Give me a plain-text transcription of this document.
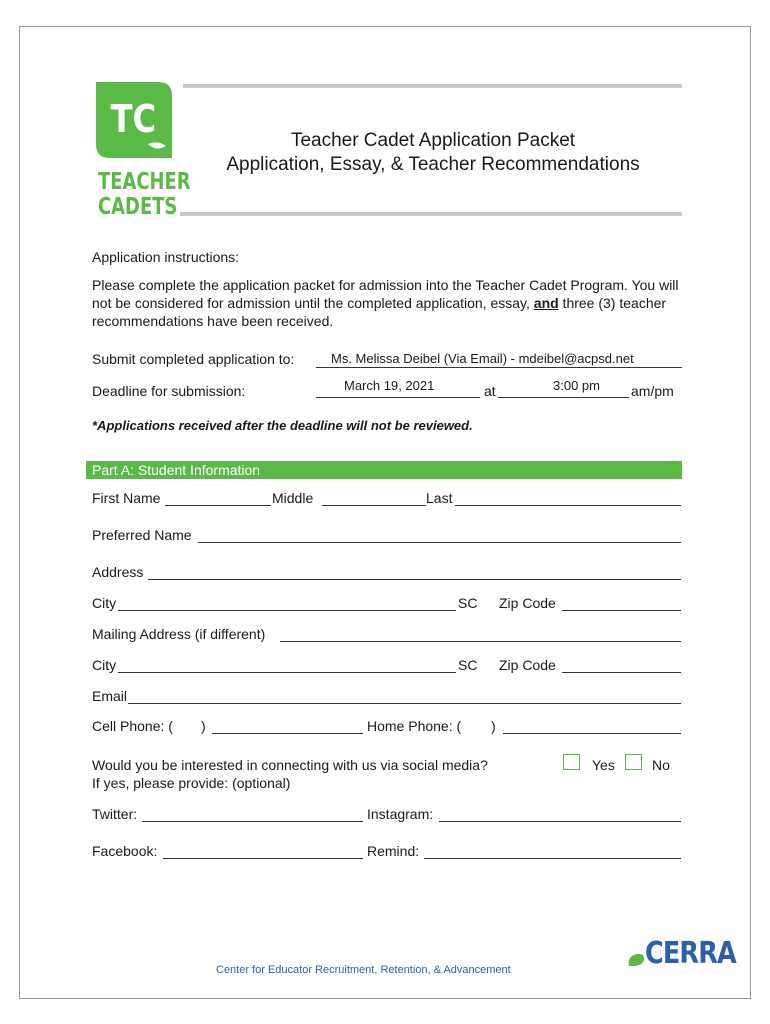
TC
TEACHER
CADETS
Teacher Cadet Application Packet
Application, Essay, & Teacher Recommendations
Application instructions:
Please complete the application packet for admission into the Teacher Cadet Program. You will not be considered for admission until the completed application, essay, and three (3) teacher recommendations have been received.
Submit completed application to:	Ms. Melissa Deibel (Via Email) - mdeibel@acpsd.net
Deadline for submission:	March 19, 2021	at	3:00 pm am/pm
*Applications received after the deadline will not be reviewed.
Part A: Student Information
First Name	Middle	Last
Preferred Name
Address
City	SC Zip Code
Mailing Address (if different)
City	SC Zip Code
Email
Cell Phone: ( )	Home Phone: ( )
Would you be interested in connecting with us via social media?	Yes	No
If yes, please provide: (optional)
Twitter:	Instagram:
Facebook:	Remind:
CERRA
Center for Educator Recruitment, Retention, & Advancement
